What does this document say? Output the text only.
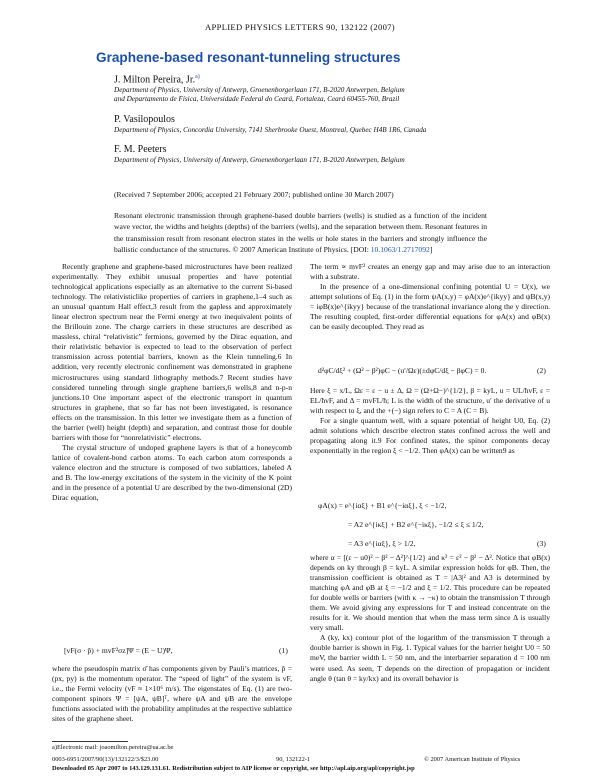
APPLIED PHYSICS LETTERS 90, 132122 (2007)
Graphene-based resonant-tunneling structures
J. Milton Pereira, Jr.$^{a)}$
Department of Physics, University of Antwerp, Groenenborgerlaan 171, B-2020 Antwerpen, Belgium
and Departamento de Física, Universidade Federal do Ceará, Fortaleza, Ceará 60455-760, Brazil
P. Vasilopoulos
Department of Physics, Concordia University, 7141 Sherbrooke Ouest, Montreal, Quebec H4B 1R6, Canada
F. M. Peeters
Department of Physics, University of Antwerp, Groenenborgerlaan 171, B-2020 Antwerpen, Belgium
(Received 7 September 2006; accepted 21 February 2007; published online 30 March 2007)
Resonant electronic transmission through graphene-based double barriers (wells) is studied as a function of the incident wave vector, the widths and heights (depths) of the barriers (wells), and the separation between them. Resonant features in the transmission result from resonant electron states in the wells or hole states in the barriers and strongly influence the ballistic conductance of the structures. © 2007 American Institute of Physics. [DOI: 10.1063/1.2717092]

Recently graphene and graphene-based microstructures have been realized experimentally. They exhibit unusual properties and have potential technological applications especially as an alternative to the current Si-based technology. The relativisticlike properties of carriers in graphene,1–4 such as an unusual quantum Hall effect,3 result from the gapless and approximately linear electron spectrum near the Fermi energy at two inequivalent points of the Brillouin zone. The charge carriers in these structures are described as massless, chiral “relativistic” fermions, governed by the Dirac equation, and their relativistic behavior is expected to lead to the observation of perfect transmission across potential barriers, known as the Klein tunneling.6 In addition, very recently electronic confinement was demonstrated in graphene microstructures using standard lithography methods.7 Recent studies have considered tunneling through single graphene barriers,6 wells,8 and n-p-n junctions.10 One important aspect of the electronic transport in quantum structures in graphene, that so far has not been investigated, is resonance effects on the transmission. In this letter we investigate them as a function of the barrier (well) height (depth) and separation, and contrast those for double barriers with those for “nonrelativistic” electrons.

The crystal structure of undoped graphene layers is that of a honeycomb lattice of covalent-bond carbon atoms. To each carbon atom corresponds a valence electron and the structure is composed of two sublattices, labeled A and B. The low-energy excitations of the system in the vicinity of the K point and in the presence of a potential U are described by the two-dimensional (2D) Dirac equation,

[vF(σ · p̂) + mvF²σz]Ψ = (E − U)Ψ,	(1)

where the pseudospin matrix σ̂ has components given by Pauli’s matrices, p̂ = (px, py) is the momentum operator. The “speed of light” of the system is vF, i.e., the Fermi velocity (vF ≈ 1×10⁶ m/s). The eigenstates of Eq. (1) are two-component spinors Ψ = [ψA, ψB]ᵀ, where ψA and ψB are the envelope functions associated with the probability amplitudes at the respective sublattice sites of the graphene sheet.

a)Electronic mail: joaomilton.pereira@ua.ac.be

The term ∝ mvF² creates an energy gap and may arise due to an interaction with a substrate.

In the presence of a one-dimensional confining potential U = U(x), we attempt solutions of Eq. (1) in the form ψA(x,y) = φA(x)e^{ikyy} and ψB(x,y) = iφB(x)e^{ikyy} because of the translational invariance along the y direction. The resulting coupled, first-order differential equations for φA(x) and φB(x) can be easily decoupled. They read as

d²φC/dξ² + (Ω² − β²)φC − (u′/Ωε)(±dφC/dξ − βφC) = 0.	(2)

Here ξ = x/L, Ωε = ε − u ± Δ, Ω = (Ω+Ω−)^{1/2}, β = kyL, u = UL/ħvF, ε = EL/ħvF, and Δ = mvFL/ħ; L is the width of the structure, u′ the derivative of u with respect to ξ, and the +(−) sign refers to C = A (C = B).

For a single quantum well, with a square potential of height U0, Eq. (2) admit solutions which describe electron states confined across the well and propagating along it.9 For confined states, the spinor components decay exponentially in the region ξ < −1/2. Then φA(x) can be written9 as

φA(x) = e^{iαξ} + B1 e^{−iαξ}, ξ < −1/2,
= A2 e^{iκξ} + B2 e^{−iκξ}, −1/2 ≤ ξ ≤ 1/2,
= A3 e^{iαξ}, ξ > 1/2,	(3)

where α = [(ε − u0)² − β² − Δ²]^{1/2} and κ² = ε² − β² − Δ². Notice that φB(x) depends on ky through β = kyL. A similar expression holds for φB. Then, the transmission coefficient is obtained as T = |A3|² and A3 is determined by matching φA and φB at ξ = −1/2 and ξ = 1/2. This procedure can be repeated for double wells or barriers (with κ → −κ) to obtain the transmission T through them. We avoid giving any expressions for T and instead concentrate on the results for it. We should mention that when the mass term since Δ is usually very small.

A (ky, kx) contour plot of the logarithm of the transmission T through a double barrier is shown in Fig. 1. Typical values for the barrier height U0 = 50 meV, the barrier width L = 50 nm, and the interbarrier separation d = 100 nm were used. As seen, T depends on the direction of propagation or incident angle θ (tan θ = ky/kx) and its overall behavior is

0003-6951/2007/90(13)/132122/3/$23.00	90, 132122-1	© 2007 American Institute of Physics
Downloaded 05 Apr 2007 to 143.129.131.61. Redistribution subject to AIP license or copyright, see http://apl.aip.org/apl/copyright.jsp
